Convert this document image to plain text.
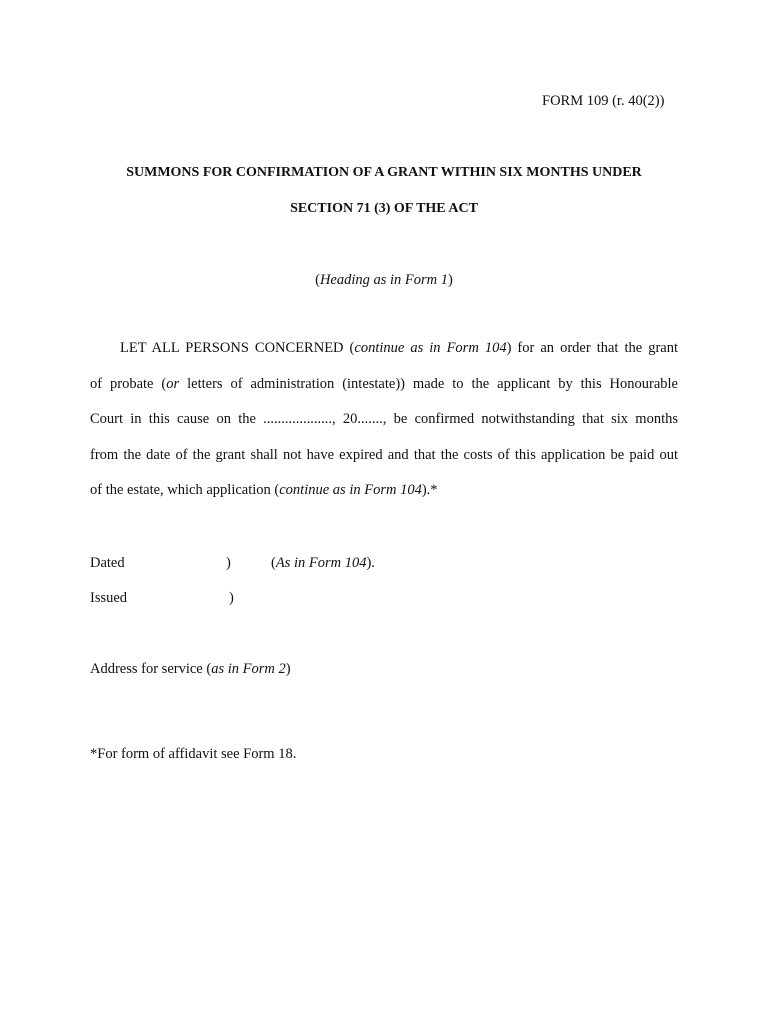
FORM 109 (r. 40(2))
SUMMONS FOR CONFIRMATION OF A GRANT WITHIN SIX MONTHS UNDER
SECTION 71 (3) OF THE ACT
(Heading as in Form 1)
LET ALL PERSONS CONCERNED (continue as in Form 104) for an order that the grant
of probate (or letters of administration (intestate)) made to the applicant by this Honourable
Court in this cause on the ..................., 20......., be confirmed notwithstanding that six months
from the date of the grant shall not have expired and that the costs of this application be paid out
of the estate, which application (continue as in Form 104).*
Dated	)	(As in Form 104).
Issued	)
Address for service (as in Form 2)
*For form of affidavit see Form 18.
